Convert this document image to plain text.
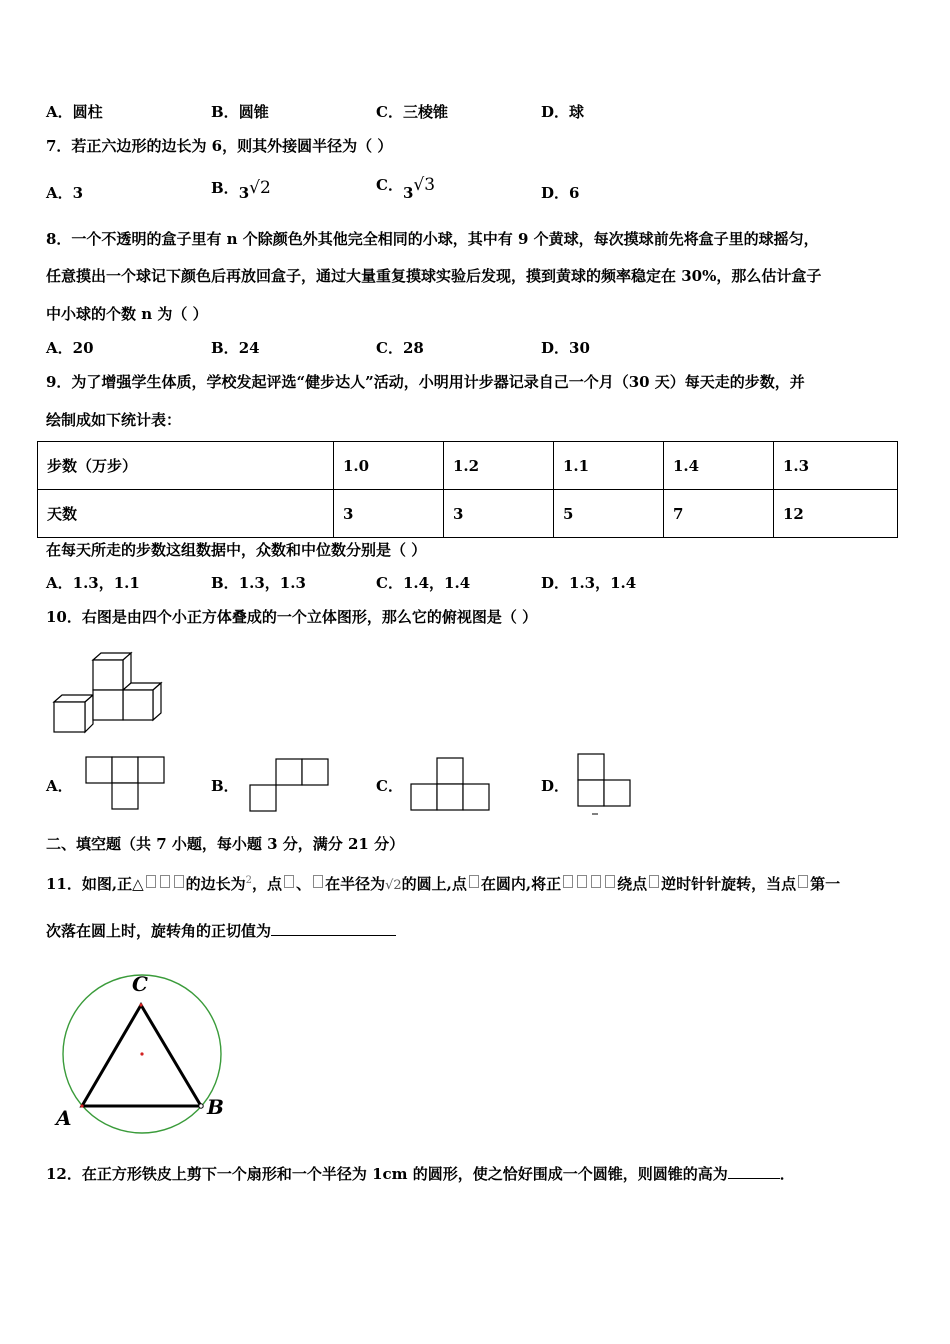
A．圆柱	B．圆锥	C．三棱锥	D．球
7．若正六边形的边长为 6，则其外接圆半径为（ ）
A．3	B．3√2	C．3√3	D．6
8．一个不透明的盒子里有 n 个除颜色外其他完全相同的小球，其中有 9 个黄球，每次摸球前先将盒子里的球摇匀，
任意摸出一个球记下颜色后再放回盒子，通过大量重复摸球实验后发现，摸到黄球的频率稳定在 30%，那么估计盒子
中小球的个数 n 为（ ）
A．20	B．24	C．28	D．30
9．为了增强学生体质，学校发起评选“健步达人”活动，小明用计步器记录自己一个月（30 天）每天走的步数，并
绘制成如下统计表：
步数（万步）	1.0	1.2	1.1	1.4	1.3
天数	3	3	5	7	12
在每天所走的步数这组数据中，众数和中位数分别是（ ）
A．1.3，1.1	B．1.3，1.3	C．1.4，1.4	D．1.3，1.4
10．右图是由四个小正方体叠成的一个立体图形，那么它的俯视图是（ ）
A．	B．	C．	D．
二、填空题（共 7 小题，每小题 3 分，满分 21 分）
11．如图,正△	的边长为$^2$，点 、 在半径为√2的圆上,点 在圆内,将正	绕点 逆时针针旋转，当点 第一
次落在圆上时，旋转角的正切值为
C
A	B
12．在正方形铁皮上剪下一个扇形和一个半径为 1cm 的圆形，使之恰好围成一个圆锥，则圆锥的高为	．
